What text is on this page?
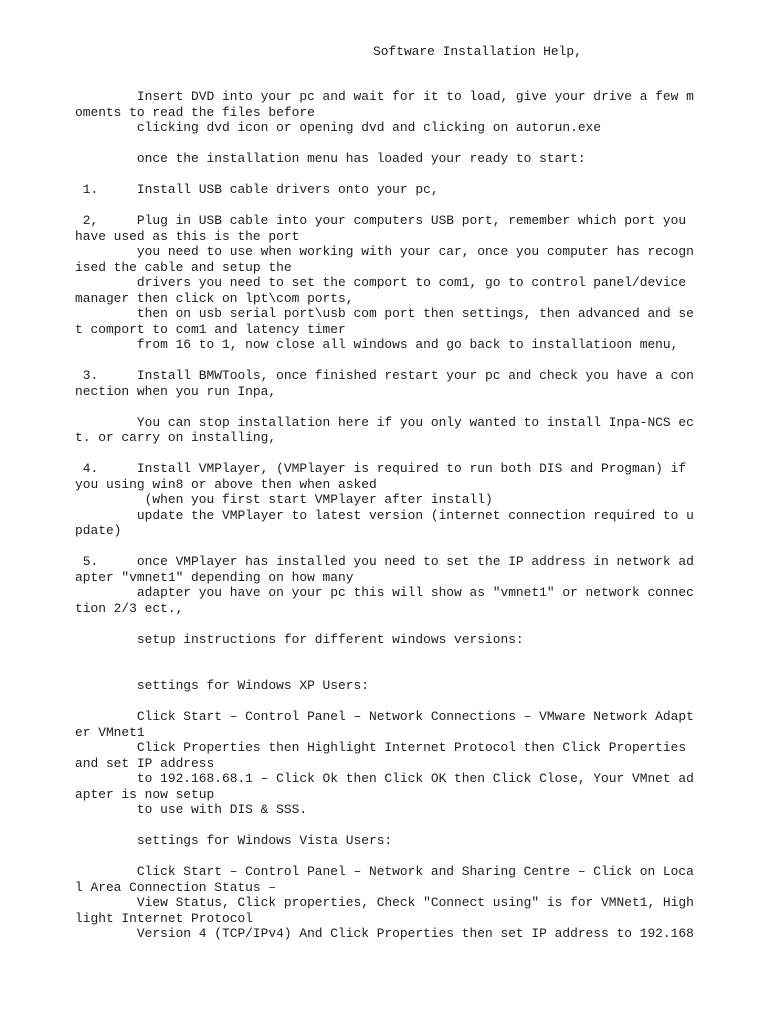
Software Installation Help,

Insert DVD into your pc and wait for it to load, give your drive a few m

oments to read the files before

clicking dvd icon or opening dvd and clicking on autorun.exe

once the installation menu has loaded your ready to start:

1.     Install USB cable drivers onto your pc,

2,     Plug in USB cable into your computers USB port, remember which port you

have used as this is the port

you need to use when working with your car, once you computer has recogn

ised the cable and setup the

drivers you need to set the comport to com1, go to control panel/device

manager then click on lpt\com ports,

then on usb serial port\usb com port then settings, then advanced and se

t comport to com1 and latency timer

from 16 to 1, now close all windows and go back to installatioon menu,

3.     Install BMWTools, once finished restart your pc and check you have a con

nection when you run Inpa,

You can stop installation here if you only wanted to install Inpa-NCS ec

t. or carry on installing,

4.     Install VMPlayer, (VMPlayer is required to run both DIS and Progman) if

you using win8 or above then when asked

(when you first start VMPlayer after install)

update the VMPlayer to latest version (internet connection required to u

pdate)

5.     once VMPlayer has installed you need to set the IP address in network ad

apter "vmnet1" depending on how many

adapter you have on your pc this will show as "vmnet1" or network connec

tion 2/3 ect.,

setup instructions for different windows versions:

settings for Windows XP Users:

Click Start – Control Panel – Network Connections – VMware Network Adapt

er VMnet1

Click Properties then Highlight Internet Protocol then Click Properties

and set IP address

to 192.168.68.1 – Click Ok then Click OK then Click Close, Your VMnet ad

apter is now setup

to use with DIS & SSS.

settings for Windows Vista Users:

Click Start – Control Panel – Network and Sharing Centre – Click on Loca

l Area Connection Status –

View Status, Click properties, Check "Connect using" is for VMNet1, High

light Internet Protocol

Version 4 (TCP/IPv4) And Click Properties then set IP address to 192.168
